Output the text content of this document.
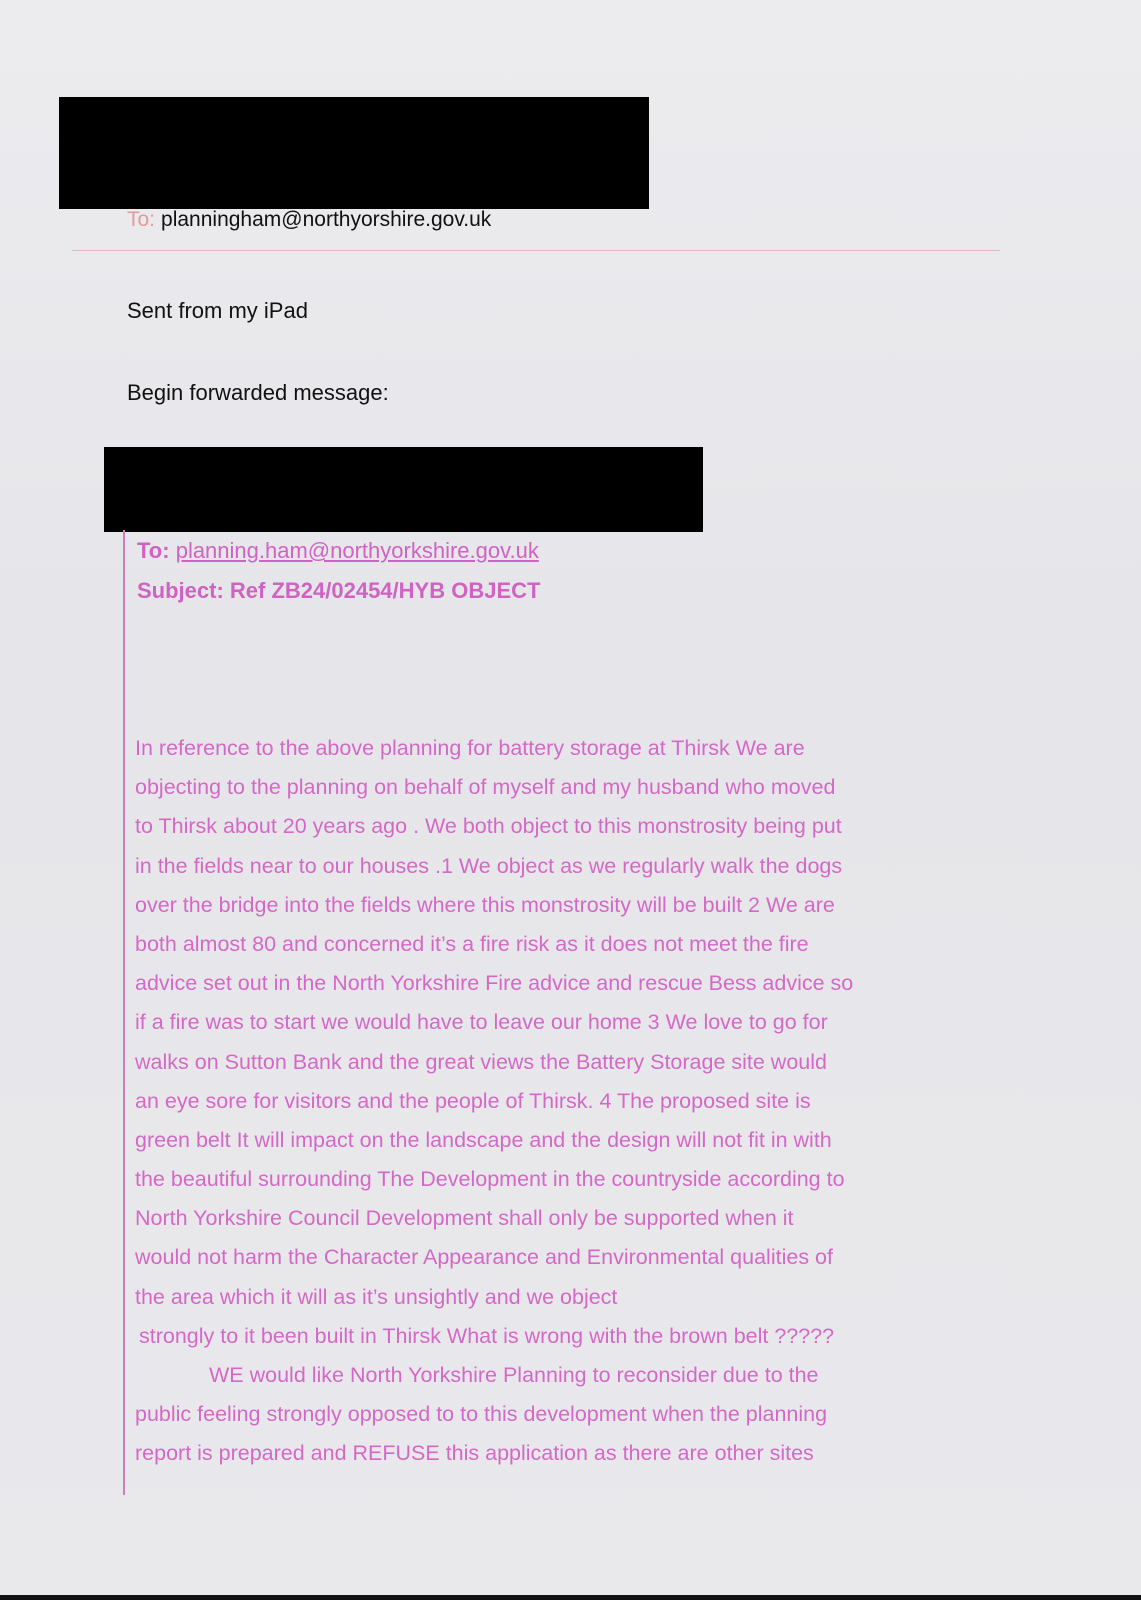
To: planningham@northyorshire.gov.uk
Sent from my iPad
Begin forwarded message:
To: planning.ham@northyorkshire.gov.uk
Subject: Ref ZB24/02454/HYB OBJECT
In reference to the above planning for battery storage at Thirsk We are
objecting to the planning on behalf of myself and my husband who moved
to Thirsk about 20 years ago . We both object to this monstrosity being put
in the fields near to our houses .1 We object as we regularly walk the dogs
over the bridge into the fields where this monstrosity will be built 2 We are
both almost 80 and concerned it’s a fire risk as it does not meet the fire
advice set out in the North Yorkshire Fire advice and rescue Bess advice so
if a fire was to start we would have to leave our home 3 We love to go for
walks on Sutton Bank and the great views the Battery Storage site would
an eye sore for visitors and the people of Thirsk. 4 The proposed site is
green belt It will impact on the landscape and the design will not fit in with
the beautiful surrounding The Development in the countryside according to
North Yorkshire Council Development shall only be supported when it
would not harm the Character Appearance and Environmental qualities of
the area which it will as it’s unsightly and we object
strongly to it been built in Thirsk What is wrong with the brown belt ?????
WE would like North Yorkshire Planning to reconsider due to the
public feeling strongly opposed to to this development when the planning
report is prepared and REFUSE this application as there are other sites
